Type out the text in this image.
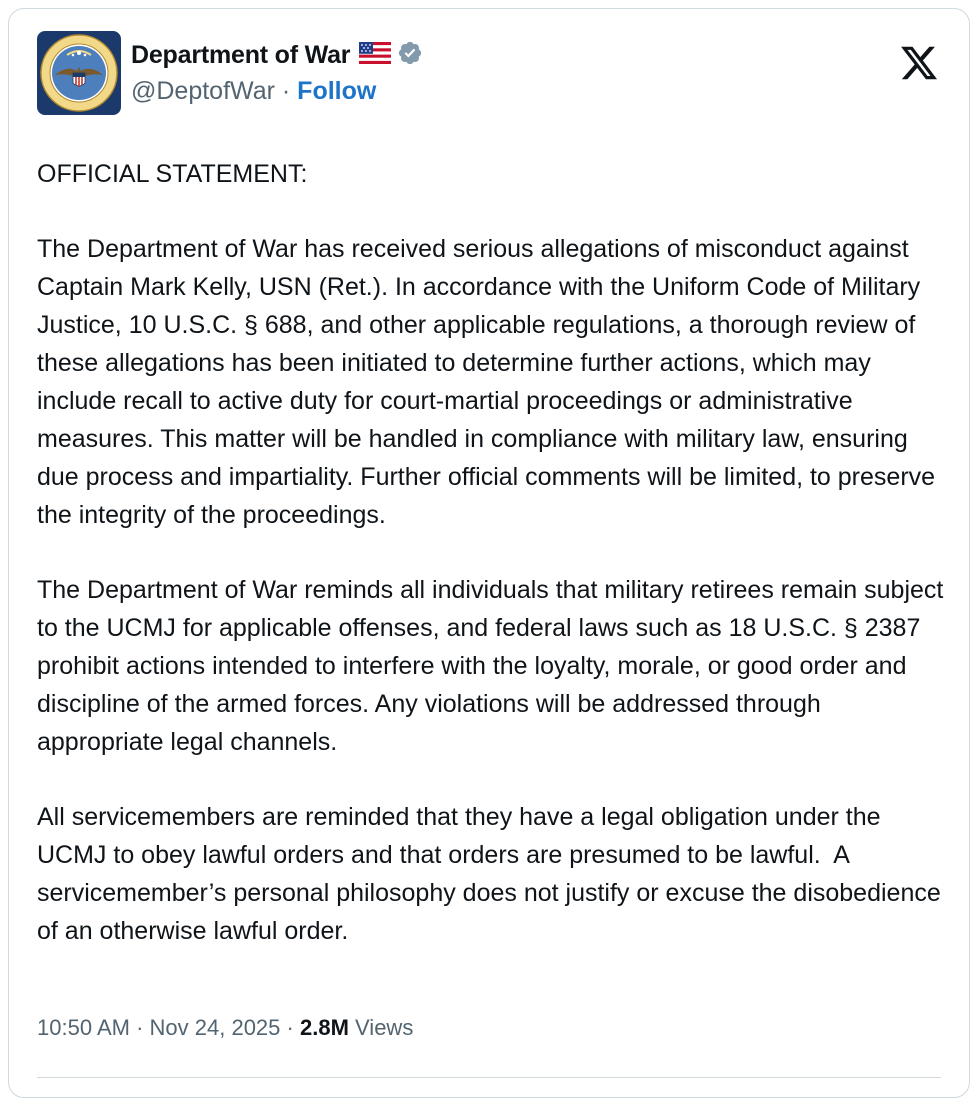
Department of War
@DeptofWar · Follow

OFFICIAL STATEMENT:

The Department of War has received serious allegations of misconduct against Captain Mark Kelly, USN (Ret.). In accordance with the Uniform Code of Military Justice, 10 U.S.C. § 688, and other applicable regulations, a thorough review of these allegations has been initiated to determine further actions, which may include recall to active duty for court-martial proceedings or administrative measures. This matter will be handled in compliance with military law, ensuring due process and impartiality. Further official comments will be limited, to preserve the integrity of the proceedings.

The Department of War reminds all individuals that military retirees remain subject to the UCMJ for applicable offenses, and federal laws such as 18 U.S.C. § 2387 prohibit actions intended to interfere with the loyalty, morale, or good order and discipline of the armed forces. Any violations will be addressed through appropriate legal channels.

All servicemembers are reminded that they have a legal obligation under the UCMJ to obey lawful orders and that orders are presumed to be lawful.  A servicemember’s personal philosophy does not justify or excuse the disobedience of an otherwise lawful order.

10:50 AM · Nov 24, 2025 · 2.8M Views
